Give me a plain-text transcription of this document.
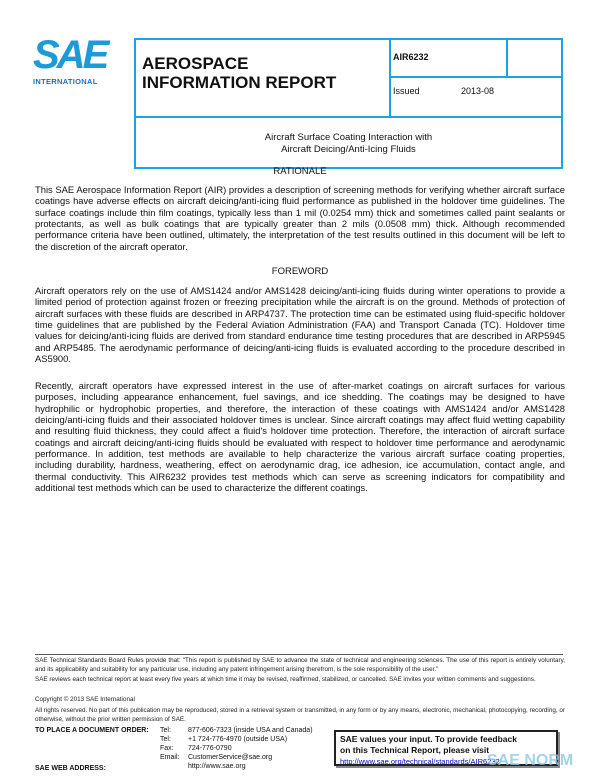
SAE
INTERNATIONAL
AEROSPACE
INFORMATION REPORT
AIR6232
Issued	2013-08
Aircraft Surface Coating Interaction with
Aircraft Deicing/Anti-Icing Fluids
RATIONALE
This SAE Aerospace Information Report (AIR) provides a description of screening methods for verifying whether aircraft surface coatings have adverse effects on aircraft deicing/anti-icing fluid performance as published in the holdover time guidelines. The surface coatings include thin film coatings, typically less than 1 mil (0.0254 mm) thick and sometimes called paint sealants or protectants, as well as bulk coatings that are typically greater than 2 mils (0.0508 mm) thick. Although recommended performance criteria have been outlined, ultimately, the interpretation of the test results outlined in this document will be left to the discretion of the aircraft operator.
FOREWORD
Aircraft operators rely on the use of AMS1424 and/or AMS1428 deicing/anti-icing fluids during winter operations to provide a limited period of protection against frozen or freezing precipitation while the aircraft is on the ground. Methods of protection of aircraft surfaces with these fluids are described in ARP4737. The protection time can be estimated using fluid-specific holdover time guidelines that are published by the Federal Aviation Administration (FAA) and Transport Canada (TC). Holdover time values for deicing/anti-icing fluids are derived from standard endurance time testing procedures that are described in ARP5945 and ARP5485. The aerodynamic performance of deicing/anti-icing fluids is evaluated according to the procedure described in AS5900.
Recently, aircraft operators have expressed interest in the use of after-market coatings on aircraft surfaces for various purposes, including appearance enhancement, fuel savings, and ice shedding. The coatings may be designed to have hydrophilic or hydrophobic properties, and therefore, the interaction of these coatings with AMS1424 and/or AMS1428 deicing/anti-icing fluids and their associated holdover times is unclear. Since aircraft coatings may affect fluid wetting capability and resulting fluid thickness, they could affect a fluid's holdover time protection. Therefore, the interaction of aircraft surface coatings and aircraft deicing/anti-icing fluids should be evaluated with respect to holdover time performance and aerodynamic performance. In addition, test methods are available to help characterize the various aircraft surface coating properties, including durability, hardness, weathering, effect on aerodynamic drag, ice adhesion, ice accumulation, contact angle, and thermal conductivity. This AIR6232 provides test methods which can serve as screening indicators for compatibility and additional test methods which can be used to characterize the different coatings.
SAE Technical Standards Board Rules provide that: "This report is published by SAE to advance the state of technical and engineering sciences. The use of this report is entirely voluntary, and its applicability and suitability for any particular use, including any patent infringement arising therefrom, is the sole responsibility of the user."
SAE reviews each technical report at least every five years at which time it may be revised, reaffirmed, stabilized, or cancelled. SAE invites your written comments and suggestions.
Copyright © 2013 SAE International
All rights reserved. No part of this publication may be reproduced, stored in a retrieval system or transmitted, in any form or by any means, electronic, mechanical, photocopying, recording, or otherwise, without the prior written permission of SAE.
TO PLACE A DOCUMENT ORDER:
SAE WEB ADDRESS:
Tel: 877-606-7323 (inside USA and Canada)
Tel: +1 724-776-4970 (outside USA)
Fax: 724-776-0790
Email: CustomerService@sae.org
http://www.sae.org
SAE values your input. To provide feedback
on this Technical Report, please visit
http://www.sae.org/technical/standards/AIR6232
SAE NORM
